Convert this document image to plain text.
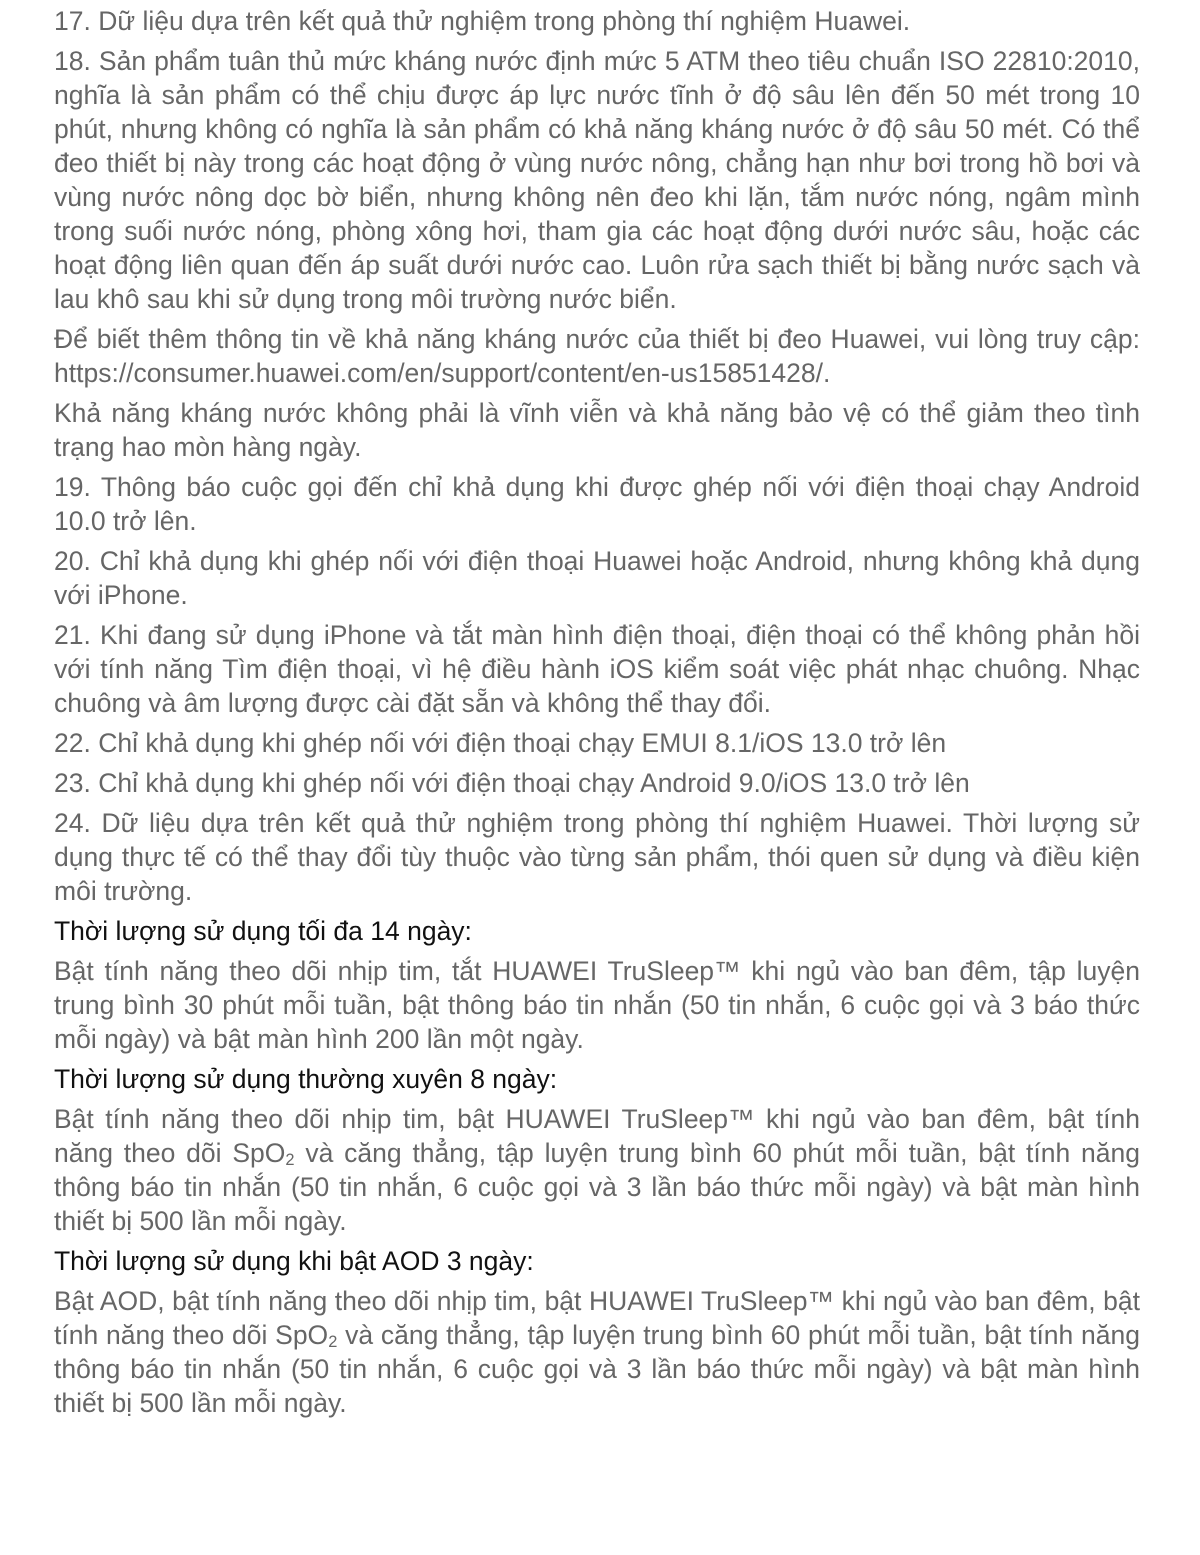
17. Dữ liệu dựa trên kết quả thử nghiệm trong phòng thí nghiệm Huawei.

18. Sản phẩm tuân thủ mức kháng nước định mức 5 ATM theo tiêu chuẩn ISO 22810:2010, nghĩa là sản phẩm có thể chịu được áp lực nước tĩnh ở độ sâu lên đến 50 mét trong 10 phút, nhưng không có nghĩa là sản phẩm có khả năng kháng nước ở độ sâu 50 mét. Có thể đeo thiết bị này trong các hoạt động ở vùng nước nông, chẳng hạn như bơi trong hồ bơi và vùng nước nông dọc bờ biển, nhưng không nên đeo khi lặn, tắm nước nóng, ngâm mình trong suối nước nóng, phòng xông hơi, tham gia các hoạt động dưới nước sâu, hoặc các hoạt động liên quan đến áp suất dưới nước cao. Luôn rửa sạch thiết bị bằng nước sạch và lau khô sau khi sử dụng trong môi trường nước biển.

Để biết thêm thông tin về khả năng kháng nước của thiết bị đeo Huawei, vui lòng truy cập: https://consumer.huawei.com/en/support/content/en-us15851428/.

Khả năng kháng nước không phải là vĩnh viễn và khả năng bảo vệ có thể giảm theo tình trạng hao mòn hàng ngày.

19. Thông báo cuộc gọi đến chỉ khả dụng khi được ghép nối với điện thoại chạy Android 10.0 trở lên.

20. Chỉ khả dụng khi ghép nối với điện thoại Huawei hoặc Android, nhưng không khả dụng với iPhone.

21. Khi đang sử dụng iPhone và tắt màn hình điện thoại, điện thoại có thể không phản hồi với tính năng Tìm điện thoại, vì hệ điều hành iOS kiểm soát việc phát nhạc chuông. Nhạc chuông và âm lượng được cài đặt sẵn và không thể thay đổi.

22. Chỉ khả dụng khi ghép nối với điện thoại chạy EMUI 8.1/iOS 13.0 trở lên

23. Chỉ khả dụng khi ghép nối với điện thoại chạy Android 9.0/iOS 13.0 trở lên

24. Dữ liệu dựa trên kết quả thử nghiệm trong phòng thí nghiệm Huawei. Thời lượng sử dụng thực tế có thể thay đổi tùy thuộc vào từng sản phẩm, thói quen sử dụng và điều kiện môi trường.

Thời lượng sử dụng tối đa 14 ngày:

Bật tính năng theo dõi nhịp tim, tắt HUAWEI TruSleep™ khi ngủ vào ban đêm, tập luyện trung bình 30 phút mỗi tuần, bật thông báo tin nhắn (50 tin nhắn, 6 cuộc gọi và 3 báo thức mỗi ngày) và bật màn hình 200 lần một ngày.

Thời lượng sử dụng thường xuyên 8 ngày:

Bật tính năng theo dõi nhịp tim, bật HUAWEI TruSleep™ khi ngủ vào ban đêm, bật tính năng theo dõi SpO2 và căng thẳng, tập luyện trung bình 60 phút mỗi tuần, bật tính năng thông báo tin nhắn (50 tin nhắn, 6 cuộc gọi và 3 lần báo thức mỗi ngày) và bật màn hình thiết bị 500 lần mỗi ngày.

Thời lượng sử dụng khi bật AOD 3 ngày:

Bật AOD, bật tính năng theo dõi nhịp tim, bật HUAWEI TruSleep™ khi ngủ vào ban đêm, bật tính năng theo dõi SpO2 và căng thẳng, tập luyện trung bình 60 phút mỗi tuần, bật tính năng thông báo tin nhắn (50 tin nhắn, 6 cuộc gọi và 3 lần báo thức mỗi ngày) và bật màn hình thiết bị 500 lần mỗi ngày.
